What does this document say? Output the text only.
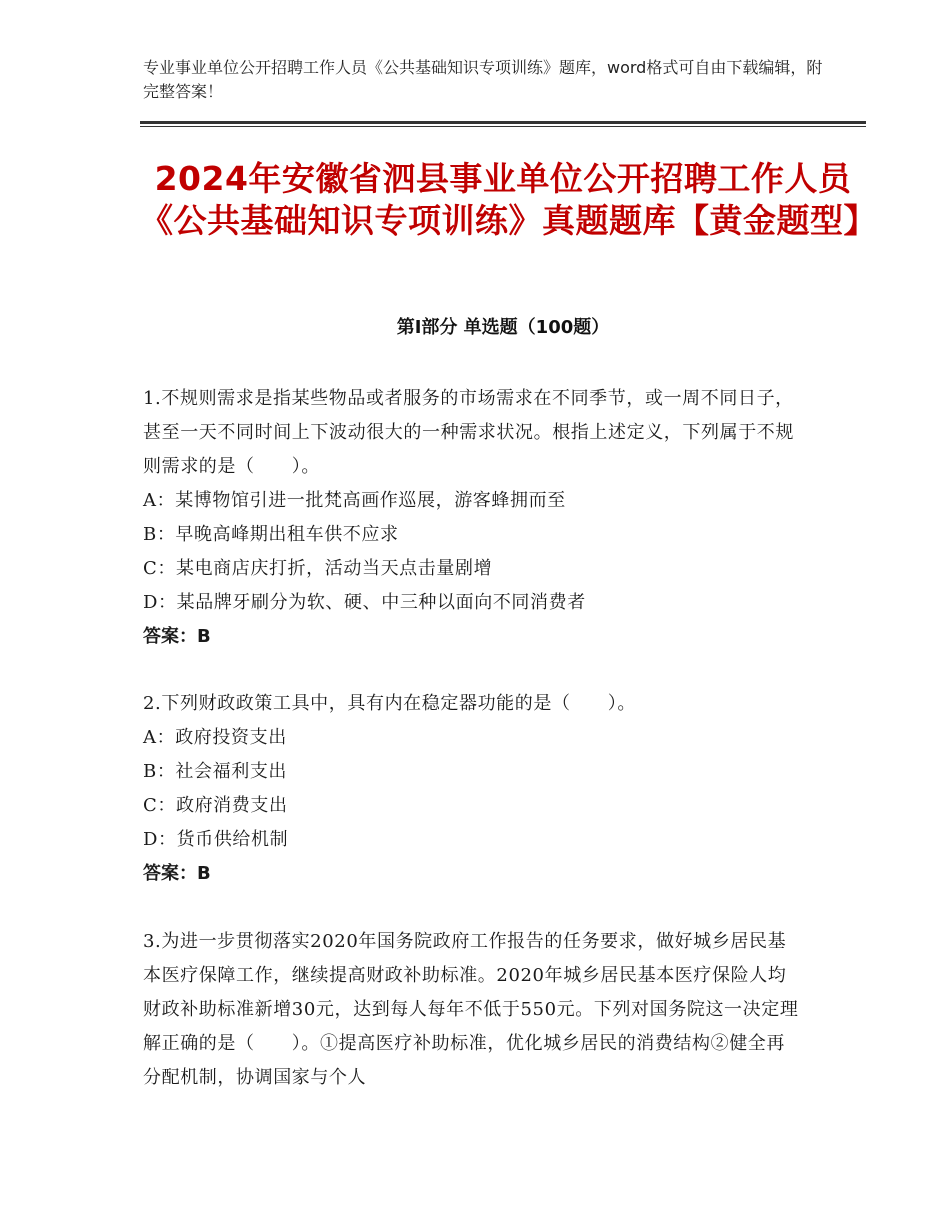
专业事业单位公开招聘工作人员《公共基础知识专项训练》题库，word格式可自由下载编辑，附完整答案！
2024年安徽省泗县事业单位公开招聘工作人员《公共基础知识专项训练》真题题库【黄金题型】
第Ⅰ部分 单选题（100题）
1.不规则需求是指某些物品或者服务的市场需求在不同季节，或一周不同日子，甚至一天不同时间上下波动很大的一种需求状况。根指上述定义，下列属于不规则需求的是（　　）。
A：某博物馆引进一批梵高画作巡展，游客蜂拥而至
B：早晚高峰期出租车供不应求
C：某电商店庆打折，活动当天点击量剧增
D：某品牌牙刷分为软、硬、中三种以面向不同消费者
答案：B
2.下列财政政策工具中，具有内在稳定器功能的是（　　）。
A：政府投资支出
B：社会福利支出
C：政府消费支出
D：货币供给机制
答案：B
3.为进一步贯彻落实2020年国务院政府工作报告的任务要求，做好城乡居民基本医疗保障工作，继续提高财政补助标准。2020年城乡居民基本医疗保险人均财政补助标准新增30元，达到每人每年不低于550元。下列对国务院这一决定理解正确的是（　　）。①提高医疗补助标准，优化城乡居民的消费结构②健全再分配机制，协调国家与个人
